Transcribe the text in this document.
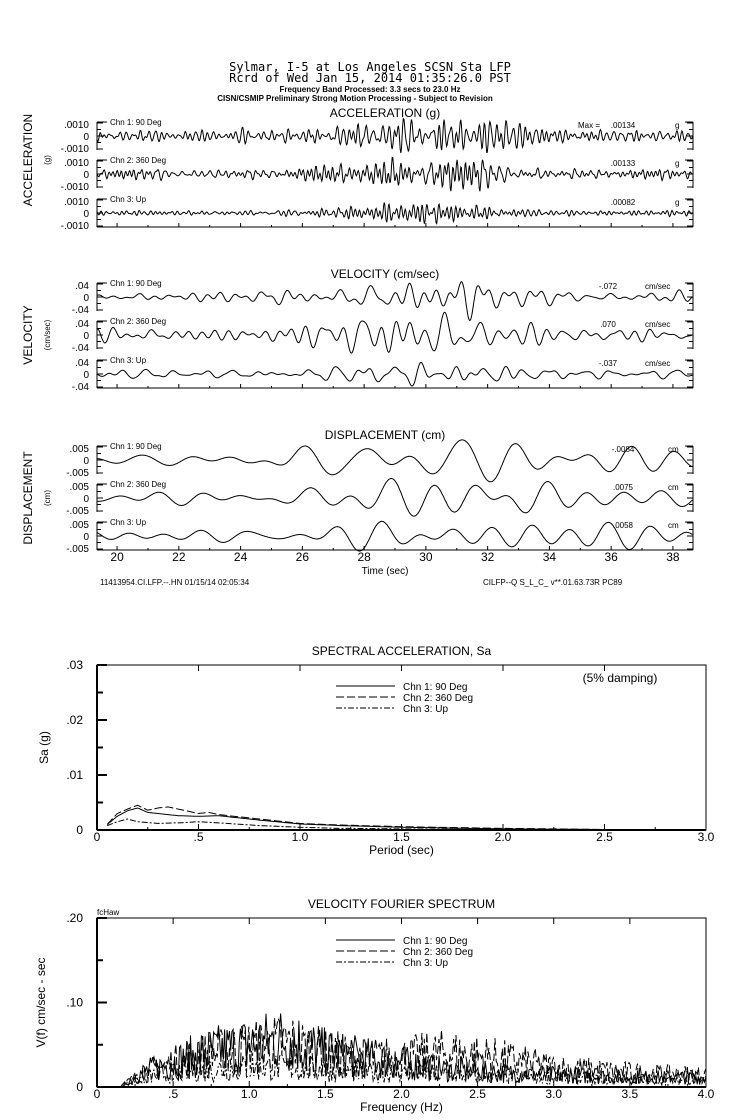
Sylmar, I-5 at Los Angeles SCSN Sta LFP
Rcrd of Wed Jan 15, 2014 01:35:26.0 PST
Frequency Band Processed: 3.3 secs to 23.0 Hz
CISN/CSMIP Preliminary Strong Motion Processing - Subject to Revision
11413954.CI.LFP.--.HN 01/15/14 02:05:34	CILFP--Q S_L_C_ v**.01.63.73R PC89
ACCELERATION (g)
ACCELERATION (g)
.0010
0
-.0010
Chn 1: 90 Deg	Max = .00134	g
.0010
0
-.0010
Chn 2: 360 Deg	.00133	g
.0010
0
-.0010
Chn 3: Up	.00082	g
VELOCITY (cm/sec)
VELOCITY (cm/sec)
.04
0
-.04
Chn 1: 90 Deg	-.072	cm/sec
.04
0
-.04
Chn 2: 360 Deg	.070	cm/sec
.04
0
-.04
Chn 3: Up	-.037	cm/sec
DISPLACEMENT (cm)
DISPLACEMENT (cm)
.005
0
-.005
Chn 1: 90 Deg	-.0084	cm
.005
0
-.005
Chn 2: 360 Deg	.0075	cm
.005
0
-.005
Chn 3: Up	.0058	cm
20	22	24	26	28	30	32	34	36	38
Time (sec)
SPECTRAL ACCELERATION, Sa
0	.5	1.0	1.5	2.0	2.5	3.0
0
.01
.02
.03
Period (sec)
Sa (g)
Chn 1: 90 Deg
Chn 2: 360 Deg
Chn 3: Up
(5% damping)
VELOCITY FOURIER SPECTRUM
0	.5	1.0	1.5	2.0	2.5	3.0	3.5	4.0
0
.10
.20
Frequency (Hz)
V(f) cm/sec - sec
Chn 1: 90 Deg
Chn 2: 360 Deg
Chn 3: Up
fcHaw
